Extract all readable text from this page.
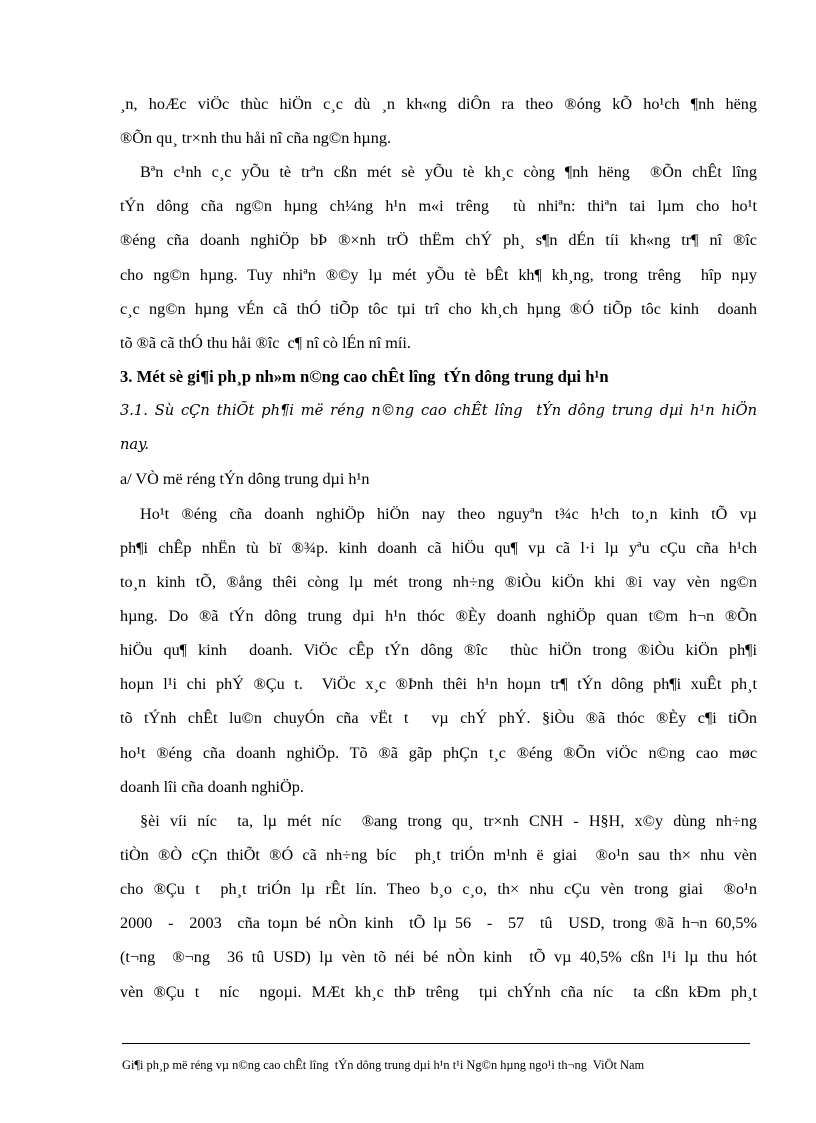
¸n, hoÆc viÖc thùc hiÖn c¸c dù ¸n kh«ng diÔn ra theo ®óng kÕ ho¹ch ¶nh hëng
®Õn qu¸ tr×nh thu håi nî cña ng©n hµng.
Bªn c¹nh c¸c yÕu tè trªn cßn mét sè yÕu tè kh¸c còng ¶nh hëng  ®Õn chÊt lîng
tÝn dông cña ng©n hµng ch¼ng h¹n m«i trêng  tù nhiªn: thiªn tai lµm cho ho¹t
®éng cña doanh nghiÖp bÞ ®×nh trÖ thËm chÝ ph¸ s¶n dÉn tíi kh«ng tr¶ nî ®îc
cho ng©n hµng. Tuy nhiªn ®©y lµ mét yÕu tè bÊt kh¶ kh¸ng, trong trêng  hîp nµy
c¸c ng©n hµng vÉn cã thÓ tiÕp tôc tµi trî cho kh¸ch hµng ®Ó tiÕp tôc kinh  doanh
tõ ®ã cã thÓ thu håi ®îc  c¶ nî cò lÉn nî míi.
3. Mét sè gi¶i ph¸p nh»m n©ng cao chÊt lîng  tÝn dông trung dµi h¹n
3.1. Sù cÇn thiÕt ph¶i më réng n©ng cao chÊt lîng  tÝn dông trung dµi h¹n hiÖn
nay.
a/ VÒ më réng tÝn dông trung dµi h¹n
Ho¹t ®éng cña doanh nghiÖp hiÖn nay theo nguyªn t¾c h¹ch to¸n kinh tÕ vµ
ph¶i chÊp nhËn tù bï ®¾p. kinh doanh cã hiÖu qu¶ vµ cã l·i lµ yªu cÇu cña h¹ch
to¸n kinh tÕ, ®ång thêi còng lµ mét trong nh÷ng ®iÒu kiÖn khi ®i vay vèn ng©n
hµng. Do ®ã tÝn dông trung dµi h¹n thóc ®Èy doanh nghiÖp quan t©m h¬n ®Õn
hiÖu qu¶ kinh  doanh. ViÖc cÊp tÝn dông ®îc  thùc hiÖn trong ®iÒu kiÖn ph¶i
hoµn l¹i chi phÝ ®Çu t.  ViÖc x¸c ®Þnh thêi h¹n hoµn tr¶ tÝn dông ph¶i xuÊt ph¸t
tõ tÝnh chÊt lu©n chuyÓn cña vËt t  vµ chÝ phÝ. §iÒu ®ã thóc ®Èy c¶i tiÕn
ho¹t ®éng cña doanh nghiÖp. Tõ ®ã gãp phÇn t¸c ®éng ®Õn viÖc n©ng cao møc
doanh lîi cña doanh nghiÖp.
§èi víi níc  ta, lµ mét níc  ®ang trong qu¸ tr×nh CNH - H§H, x©y dùng nh÷ng
tiÒn ®Ò cÇn thiÕt ®Ó cã nh÷ng bíc  ph¸t triÓn m¹nh ë giai  ®o¹n sau th× nhu vèn
cho ®Çu t  ph¸t triÓn lµ rÊt lín. Theo b¸o c¸o, th× nhu cÇu vèn trong giai  ®o¹n
2000  -  2003  cña toµn bé nÒn kinh  tÕ lµ 56  -  57  tû  USD, trong ®ã h¬n 60,5%
(t¬ng  ®¬ng  36 tû USD) lµ vèn tõ néi bé nÒn kinh  tÕ vµ 40,5% cßn l¹i lµ thu hót
vèn ®Çu t  níc  ngoµi. MÆt kh¸c thÞ trêng  tµi chÝnh cña níc  ta cßn kÐm ph¸t
Gi¶i ph¸p më réng vµ n©ng cao chÊt lîng  tÝn dông trung dµi h¹n t¹i Ng©n hµng ngo¹i th¬ng  ViÖt Nam
